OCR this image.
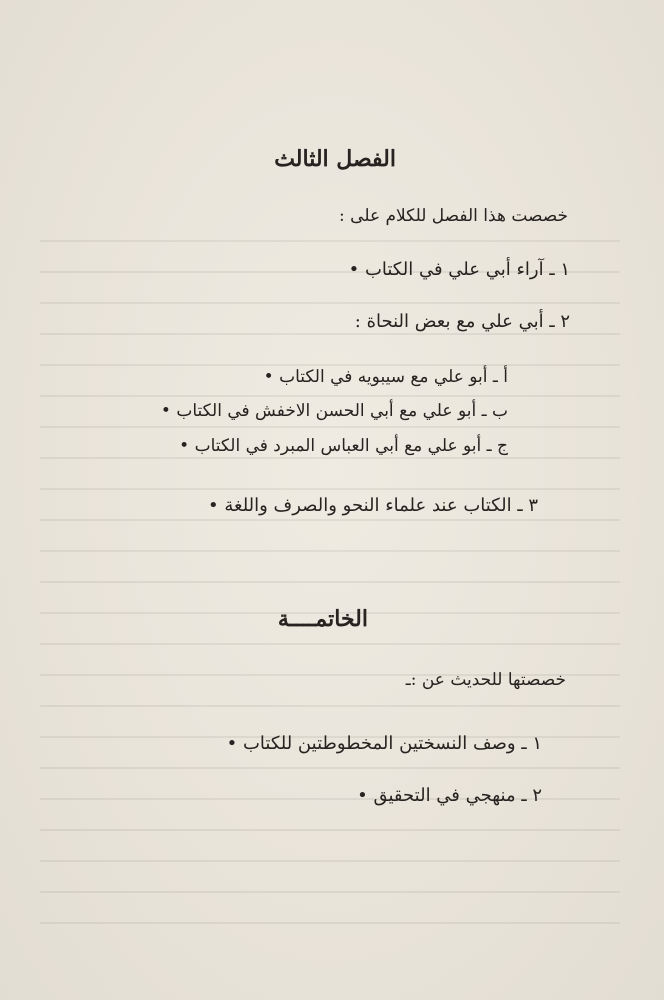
الفصل الثالث
خصصت هذا الفصل للكلام على :
١ ـ آراء أبي علي في الكتاب •
٢ ـ أبي علي مع بعض النحاة :
أ ـ أبو علي مع سيبويه في الكتاب •
ب ـ أبو علي مع أبي الحسن الاخفش في الكتاب •
ج ـ أبو علي مع أبي العباس المبرد في الكتاب •
٣ ـ الكتاب عند علماء النحو والصرف واللغة •
الخاتمــــة
خصصتها للحديث عن :ـ
١ ـ وصف النسختين المخطوطتين للكتاب •
٢ ـ منهجي في التحقيق •
